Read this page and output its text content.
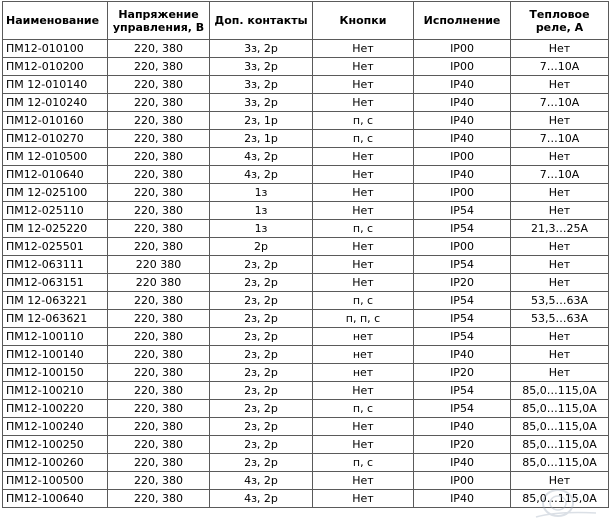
Наименование	Напряжение управления, В	Доп. контакты	Кнопки	Исполнение	Тепловое реле, А
ПМ12-010100	220, 380	3з, 2р	Нет	IP00	Нет
ПМ12-010200	220, 380	3з, 2р	Нет	IP00	7…10А
ПМ 12-010140	220, 380	3з, 2р	Нет	IP40	Нет
ПМ 12-010240	220, 380	3з, 2р	Нет	IP40	7…10А
ПМ12-010160	220, 380	2з, 1р	п, с	IP40	Нет
ПМ12-010270	220, 380	2з, 1р	п, с	IP40	7…10А
ПМ 12-010500	220, 380	4з, 2р	Нет	IP00	Нет
ПМ12-010640	220, 380	4з, 2р	Нет	IP40	7…10А
ПМ 12-025100	220, 380	1з	Нет	IP00	Нет
ПМ12-025110	220, 380	1з	Нет	IP54	Нет
ПМ 12-025220	220, 380	1з	п, с	IP54	21,3…25А
ПМ12-025501	220, 380	2р	Нет	IP00	Нет
ПМ12-063111	220 380	2з, 2р	Нет	IP54	Нет
ПМ12-063151	220 380	2з, 2р	Нет	IP20	Нет
ПМ 12-063221	220, 380	2з, 2р	п, с	IP54	53,5…63А
ПМ 12-063621	220, 380	2з, 2р	п, п, с	IP54	53,5…63А
ПМ12-100110	220, 380	2з, 2р	нет	IP54	Нет
ПМ12-100140	220, 380	2з, 2р	нет	IP40	Нет
ПМ12-100150	220, 380	2з, 2р	нет	IP20	Нет
ПМ12-100210	220, 380	2з, 2р	Нет	IP54	85,0…115,0А
ПМ12-100220	220, 380	2з, 2р	п, с	IP54	85,0…115,0А
ПМ12-100240	220, 380	2з, 2р	Нет	IP40	85,0…115,0А
ПМ12-100250	220, 380	2з, 2р	Нет	IP20	85,0…115,0А
ПМ12-100260	220, 380	2з, 2р	п, с	IP40	85,0…115,0А
ПМ12-100500	220, 380	4з, 2р	Нет	IP00	Нет
ПМ12-100640	220, 380	4з, 2р	Нет	IP40	85,0…115,0А
